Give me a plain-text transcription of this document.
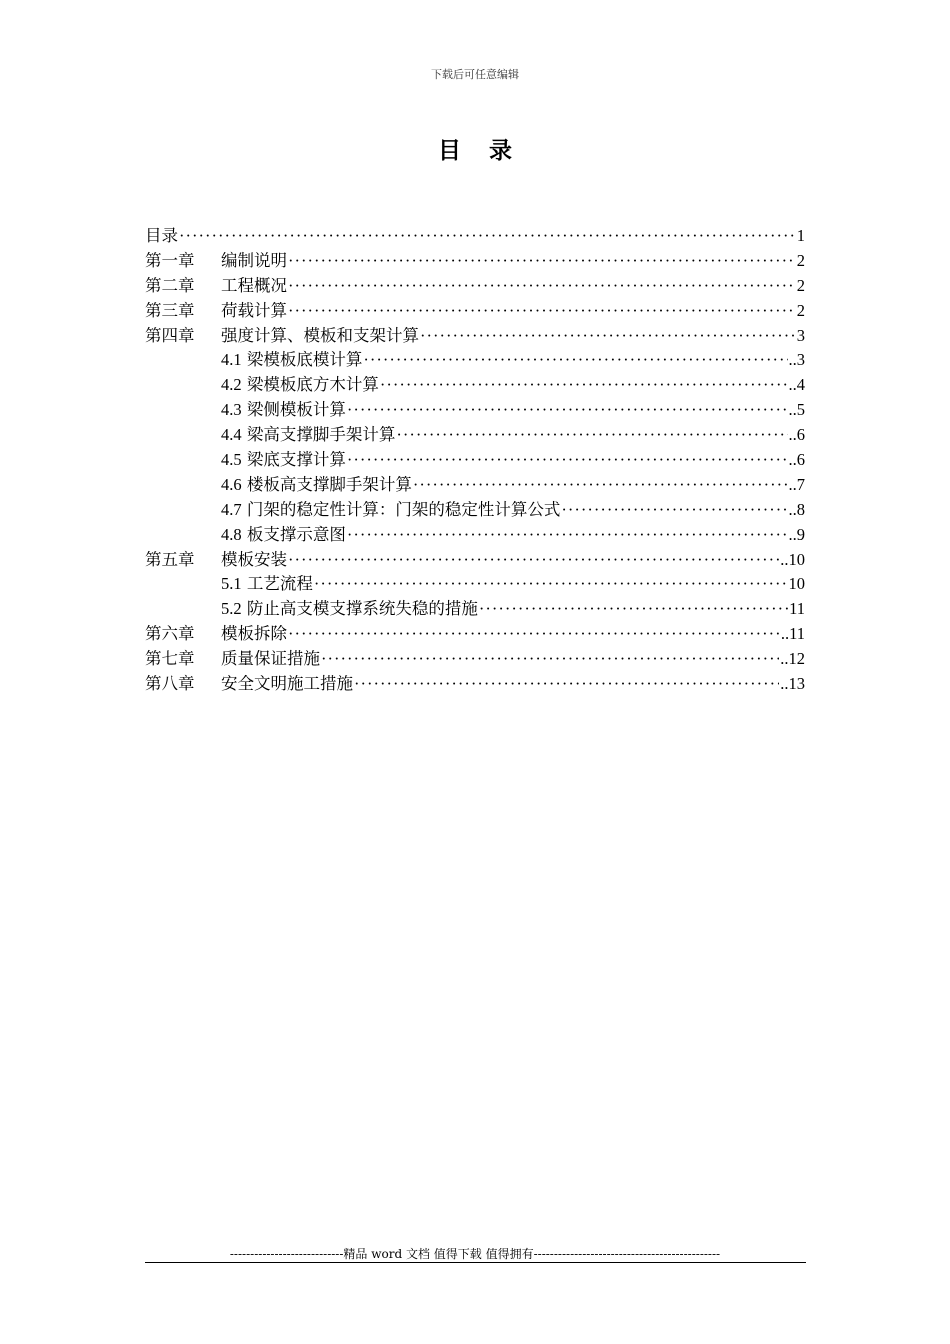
下载后可任意编辑
目 录
目录 ·····	1
第一章	编制说明 ·····	2
第二章	工程概况 ·····	2
第三章	荷载计算 ·····	2
第四章	强度计算、模板和支架计算 ·····	3
4.1 梁模板底模计算 ·····	..3
4.2 梁模板底方木计算 ·····	..4
4.3 梁侧模板计算 ·····	..5
4.4 梁高支撑脚手架计算 ·····	..6
4.5 梁底支撑计算 ·····	..6
4.6 楼板高支撑脚手架计算 ·····	..7
4.7 门架的稳定性计算：门架的稳定性计算公式 ·····	..8
4.8 板支撑示意图 ·····	..9
第五章	模板安装 ·····	..10
5.1 工艺流程 ·····	10
5.2 防止高支模支撑系统失稳的措施 ·····	11
第六章	模板拆除 ·····	..11
第七章	质量保证措施 ·····	..12
第八章	安全文明施工措施 ·····	..13
----------------------------精品 word 文档 值得下载 值得拥有----------------------------------------------
